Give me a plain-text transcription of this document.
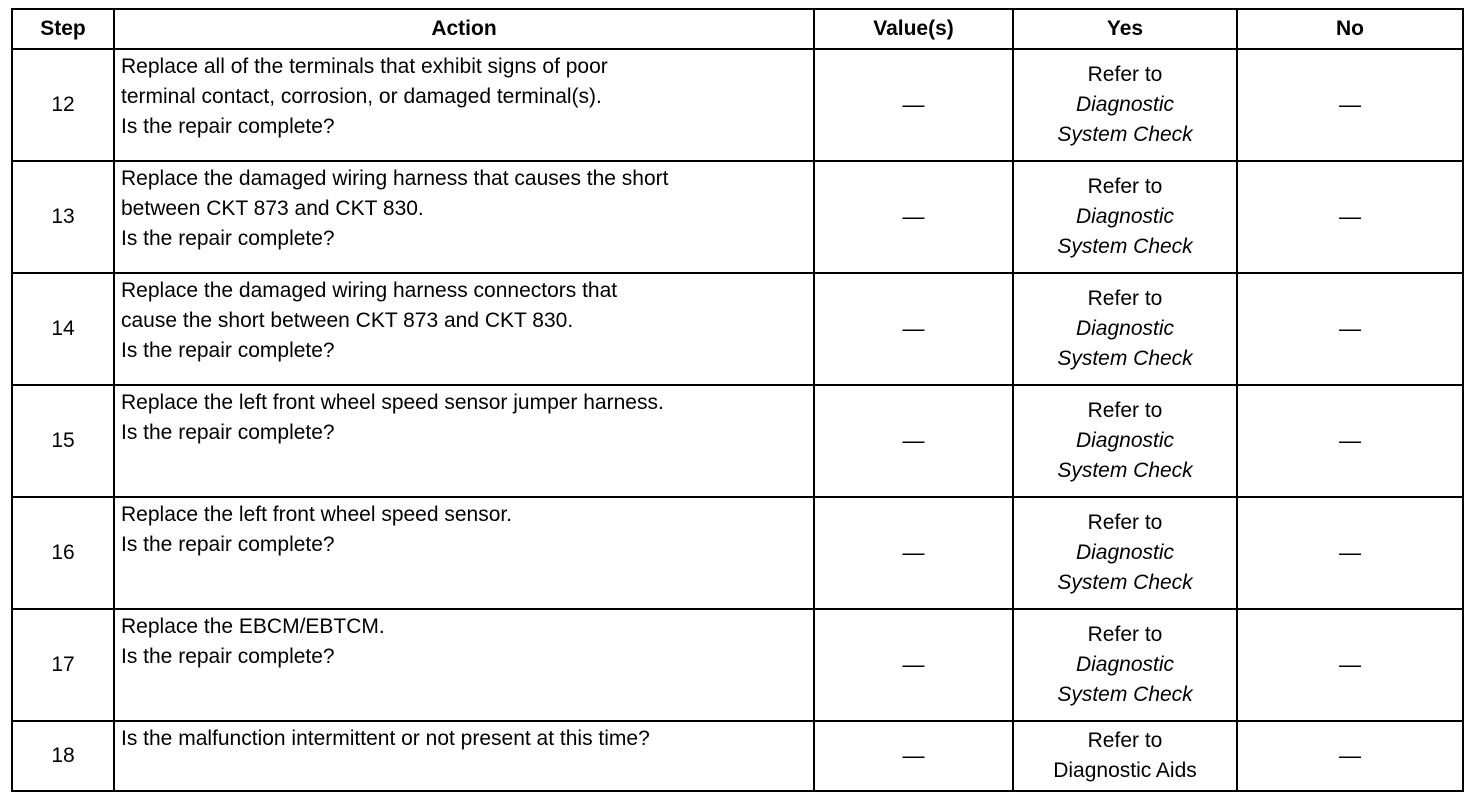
Step	Action	Value(s)	Yes	No
12	Replace all of the terminals that exhibit signs of poor
terminal contact, corrosion, or damaged terminal(s).
Is the repair complete?	—	Refer to
Diagnostic
System Check	—
13	Replace the damaged wiring harness that causes the short
between CKT 873 and CKT 830.
Is the repair complete?	—	Refer to
Diagnostic
System Check	—
14	Replace the damaged wiring harness connectors that
cause the short between CKT 873 and CKT 830.
Is the repair complete?	—	Refer to
Diagnostic
System Check	—
15	Replace the left front wheel speed sensor jumper harness.
Is the repair complete?	—	Refer to
Diagnostic
System Check	—
16	Replace the left front wheel speed sensor.
Is the repair complete?	—	Refer to
Diagnostic
System Check	—
17	Replace the EBCM/EBTCM.
Is the repair complete?	—	Refer to
Diagnostic
System Check	—
18	Is the malfunction intermittent or not present at this time?	—	Refer to
Diagnostic Aids	—
